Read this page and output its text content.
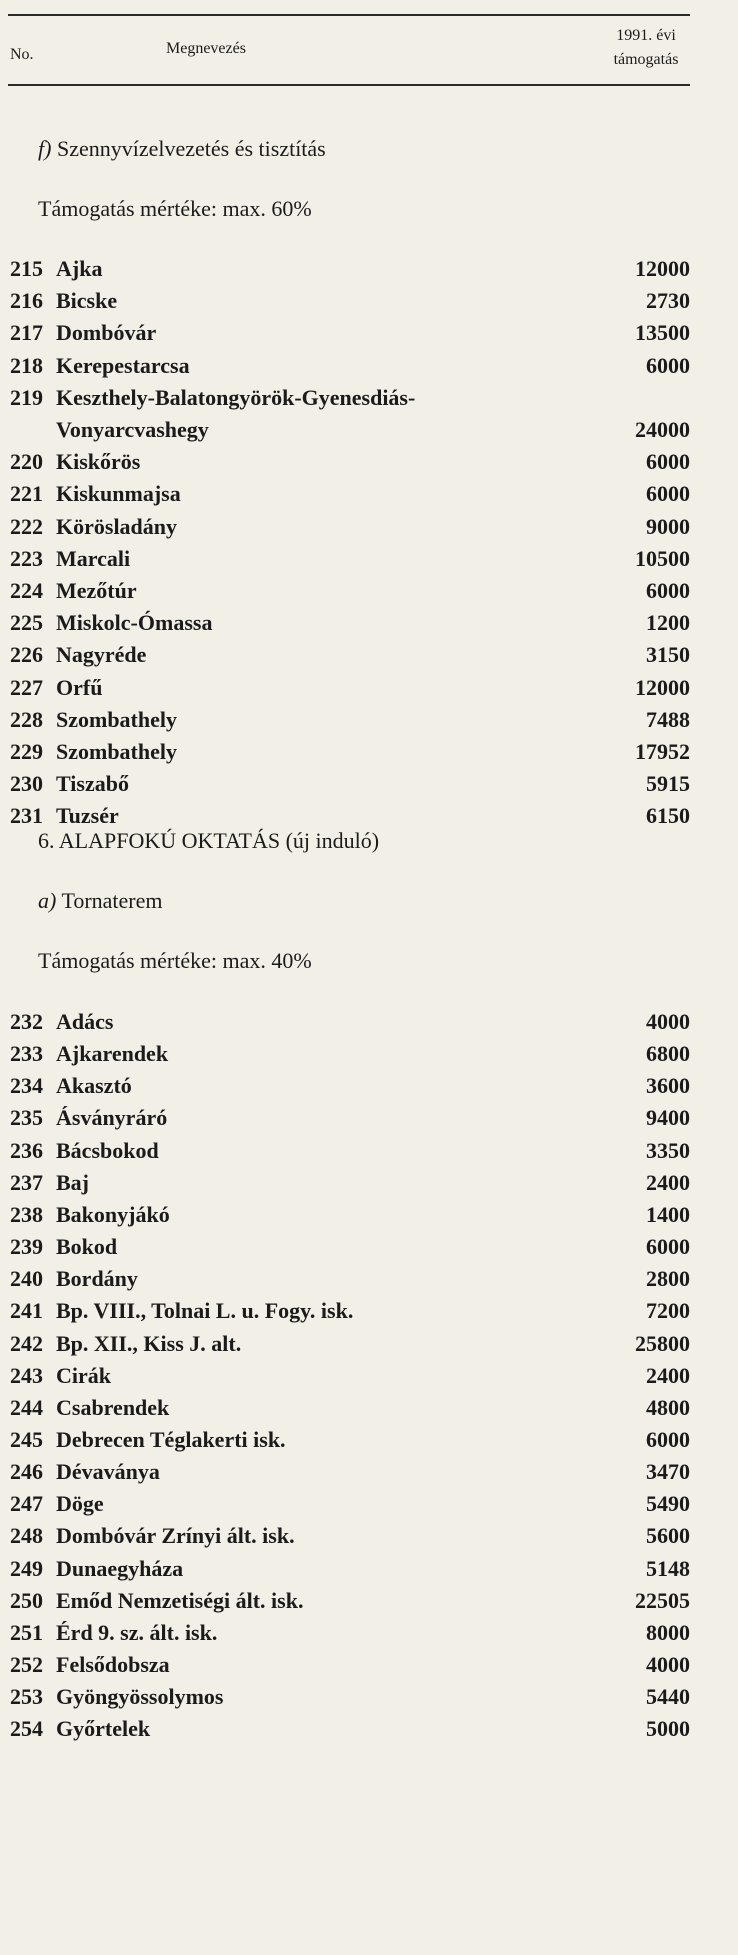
No.	Megnevezés
1991. évi
támogatás
f) Szennyvízelvezetés és tisztítás
Támogatás mértéke: max. 60%
215 Ajka	12000
216 Bicske	2730
217 Dombóvár	13500
218 Kerepestarcsa	6000
219 Keszthely-Balatongyörök-Gyenesdiás-
Vonyarcvashegy	24000
220 Kiskőrös	6000
221 Kiskunmajsa	6000
222 Körösladány	9000
223 Marcali	10500
224 Mezőtúr	6000
225 Miskolc-Ómassa	1200
226 Nagyréde	3150
227 Orfű	12000
228 Szombathely	7488
229 Szombathely	17952
230 Tiszabő	5915
231 Tuzsér	6150
6. ALAPFOKÚ OKTATÁS (új induló)
a) Tornaterem
Támogatás mértéke: max. 40%
232 Adács	4000
233 Ajkarendek	6800
234 Akasztó	3600
235 Ásványráró	9400
236 Bácsbokod	3350
237 Baj	2400
238 Bakonyjákó	1400
239 Bokod	6000
240 Bordány	2800
241 Bp. VIII., Tolnai L. u. Fogy. isk.	7200
242 Bp. XII., Kiss J. alt.	25800
243 Cirák	2400
244 Csabrendek	4800
245 Debrecen Téglakerti isk.	6000
246 Dévaványa	3470
247 Döge	5490
248 Dombóvár Zrínyi ált. isk.	5600
249 Dunaegyháza	5148
250 Emőd Nemzetiségi ált. isk.	22505
251 Érd 9. sz. ált. isk.	8000
252 Felsődobsza	4000
253 Gyöngyössolymos	5440
254 Győrtelek	5000
